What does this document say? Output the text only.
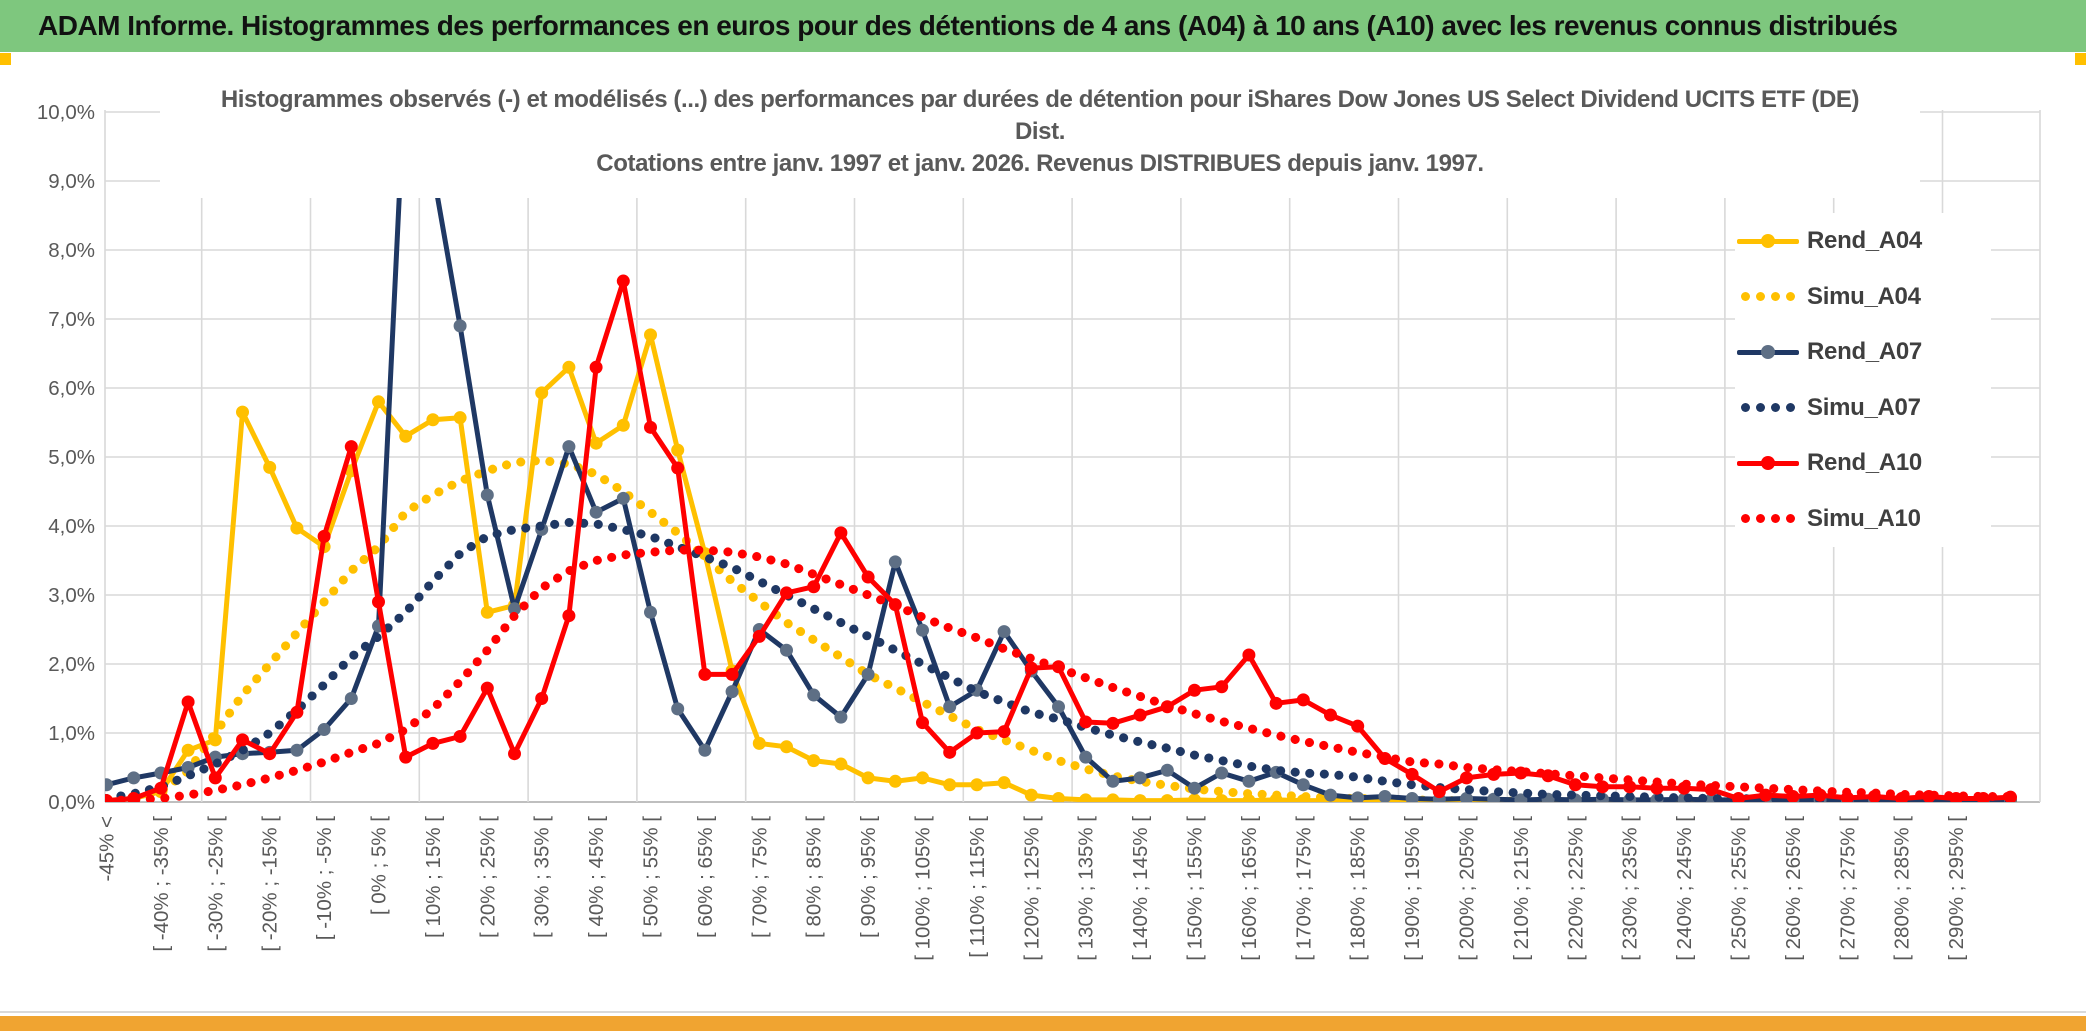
ADAM Informe. Histogrammes des performances en euros pour des détentions de 4 ans (A04) à 10 ans (A10) avec les revenus connus distribués
0,0%
1,0%
2,0%
3,0%
4,0%
5,0%
6,0%
7,0%
8,0%
9,0%
10,0%
-45% < [ -40% ; -35% [ [ -30% ; -25% [ [ -20% ; -15% [ [ -10% ; -5% [ [ 0% ; 5% [ [ 10% ; 15% [ [ 20% ; 25% [ [ 30% ; 35% [ [ 40% ; 45% [ [ 50% ; 55% [ [ 60% ; 65% [ [ 70% ; 75% [ [ 80% ; 85% [ [ 90% ; 95% [ [ 100% ; 105% [ [ 110% ; 115% [ [ 120% ; 125% [ [ 130% ; 135% [ [ 140% ; 145% [ [ 150% ; 155% [ [ 160% ; 165% [ [ 170% ; 175% [ [ 180% ; 185% [ [ 190% ; 195% [ [ 200% ; 205% [ [ 210% ; 215% [ [ 220% ; 225% [ [ 230% ; 235% [ [ 240% ; 245% [ [ 250% ; 255% [ [ 260% ; 265% [ [ 270% ; 275% [ [ 280% ; 285% [ [ 290% ; 295% [
Histogrammes observés (-) et modélisés (...) des performances par durées de détention pour iShares Dow Jones US Select Dividend UCITS ETF (DE)
Dist.
Cotations entre janv. 1997 et janv. 2026. Revenus DISTRIBUES depuis janv. 1997.
Rend_A04
Simu_A04
Rend_A07
Simu_A07
Rend_A10
Simu_A10
